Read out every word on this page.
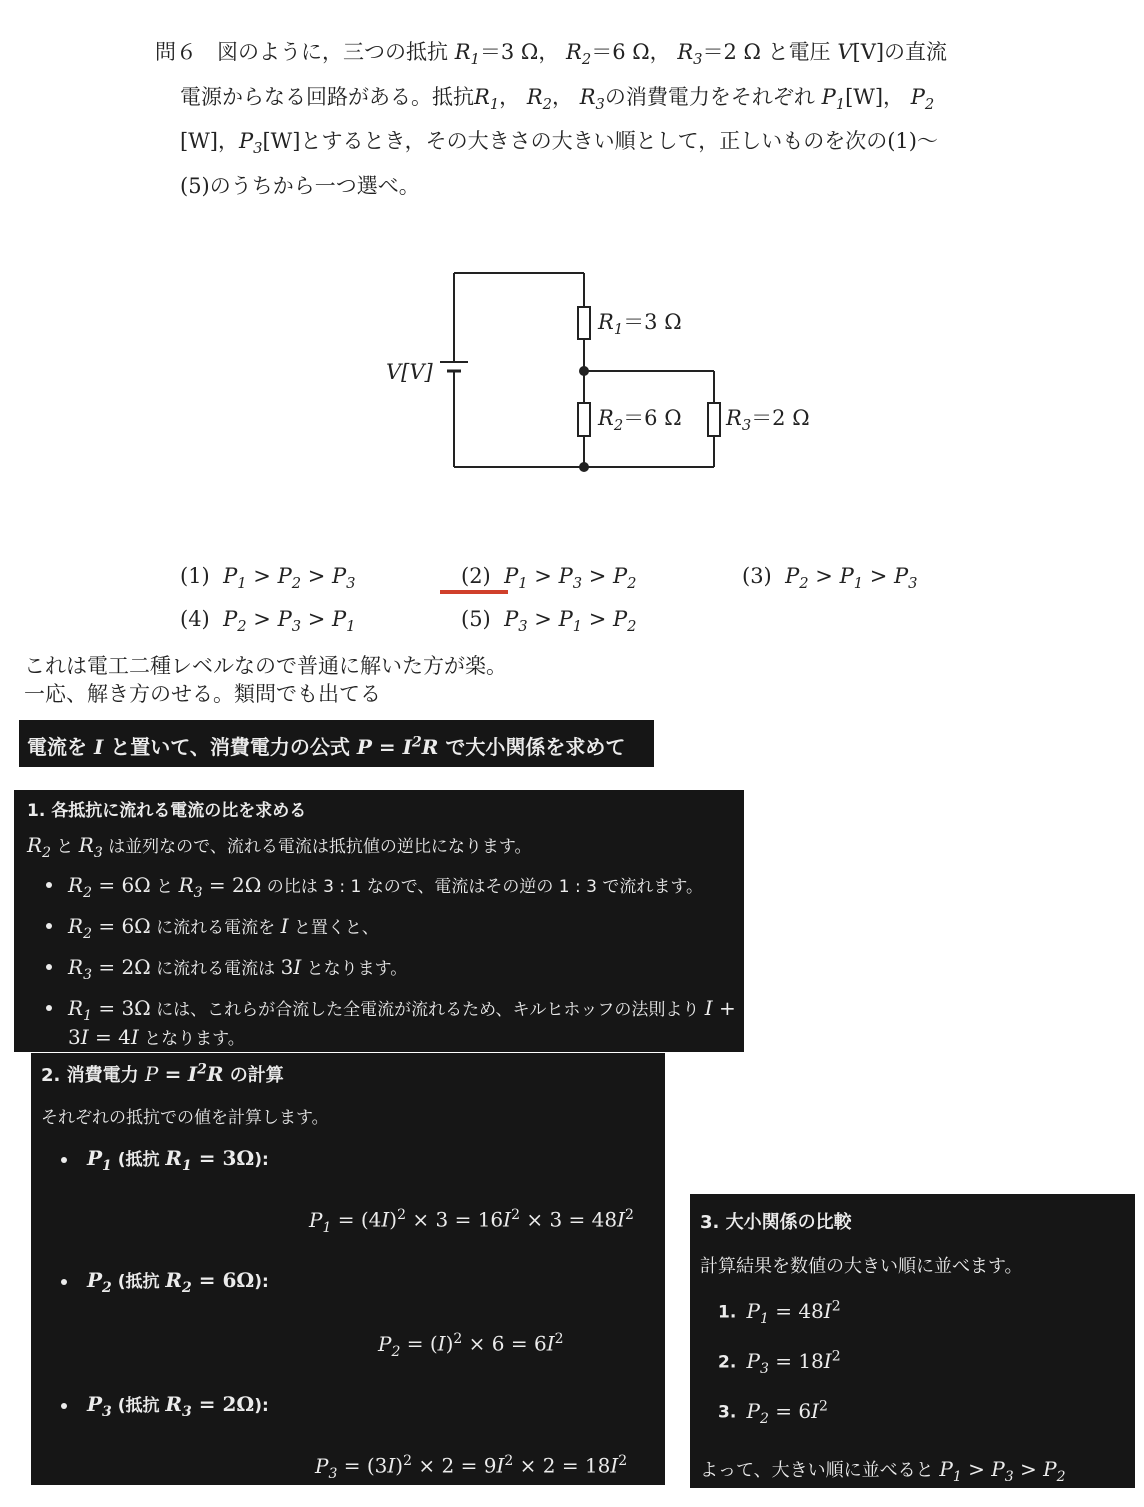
問６ 図のように，三つの抵抗 $R_1=3$ Ω， $R_2=6$ Ω， $R_3=2$ Ω と電圧 V[V]の直流
電源からなる回路がある。抵抗$R_1$， $R_2$， $R_3$の消費電力をそれぞれ $P_1[W]$， $P_2$
[W]，$P_3[W]$とするとき，その大きさの大きい順として，正しいものを次の(1)～
(5)のうちから一つ選べ。
V[V]
$R_1=3$ Ω
$R_2=6$ Ω $R_3=2$ Ω
(1) $P_1 > P_2 > P_3$	(2) $P_1 > P_3 > P_2$	(3) $P_2 > P_1 > P_3$
(4) $P_2 > P_3 > P_1$	(5) $P_3 > P_1 > P_2$
これは電工二種レベルなので普通に解いた方が楽。
一応、解き方のせる。類問でも出てる
電流を I と置いて、消費電力の公式 $P = I^2R$ で大小関係を求めて
1. 各抵抗に流れる電流の比を求める
$R_2$ と $R_3$ は並列なので、流れる電流は抵抗値の逆比になります。
$R_2 = 6\Omega$ と $R_3 = 2\Omega$ の比は 3 : 1 なので、電流はその逆の 1 : 3 で流れます。
$R_2 = 6\Omega$ に流れる電流を I と置くと、
$R_3 = 2\Omega$ に流れる電流は 3I となります。
$R_1 = 3\Omega$ には、これらが合流した全電流が流れるため、キルヒホッフの法則より I +
3I = 4I となります。
2. 消費電力 $P = I^2R$ の計算
それぞれの抵抗での値を計算します。
$P_1$ (抵抗 $R_1 = 3\Omega$):
$P_1 = (4I)^2 \times 3 = 16I^2 \times 3 = 48I^2$
$P_2$ (抵抗 $R_2 = 6\Omega$):
$P_2 = (I)^2 \times 6 = 6I^2$
$P_3$ (抵抗 $R_3 = 2\Omega$):
$P_3 = (3I)^2 \times 2 = 9I^2 \times 2 = 18I^2$
3. 大小関係の比較
計算結果を数値の大きい順に並べます。
1. $P_1 = 48I^2$
2. $P_3 = 18I^2$
3. $P_2 = 6I^2$
よって、大きい順に並べると $P_1 > P_3 > P_2$
